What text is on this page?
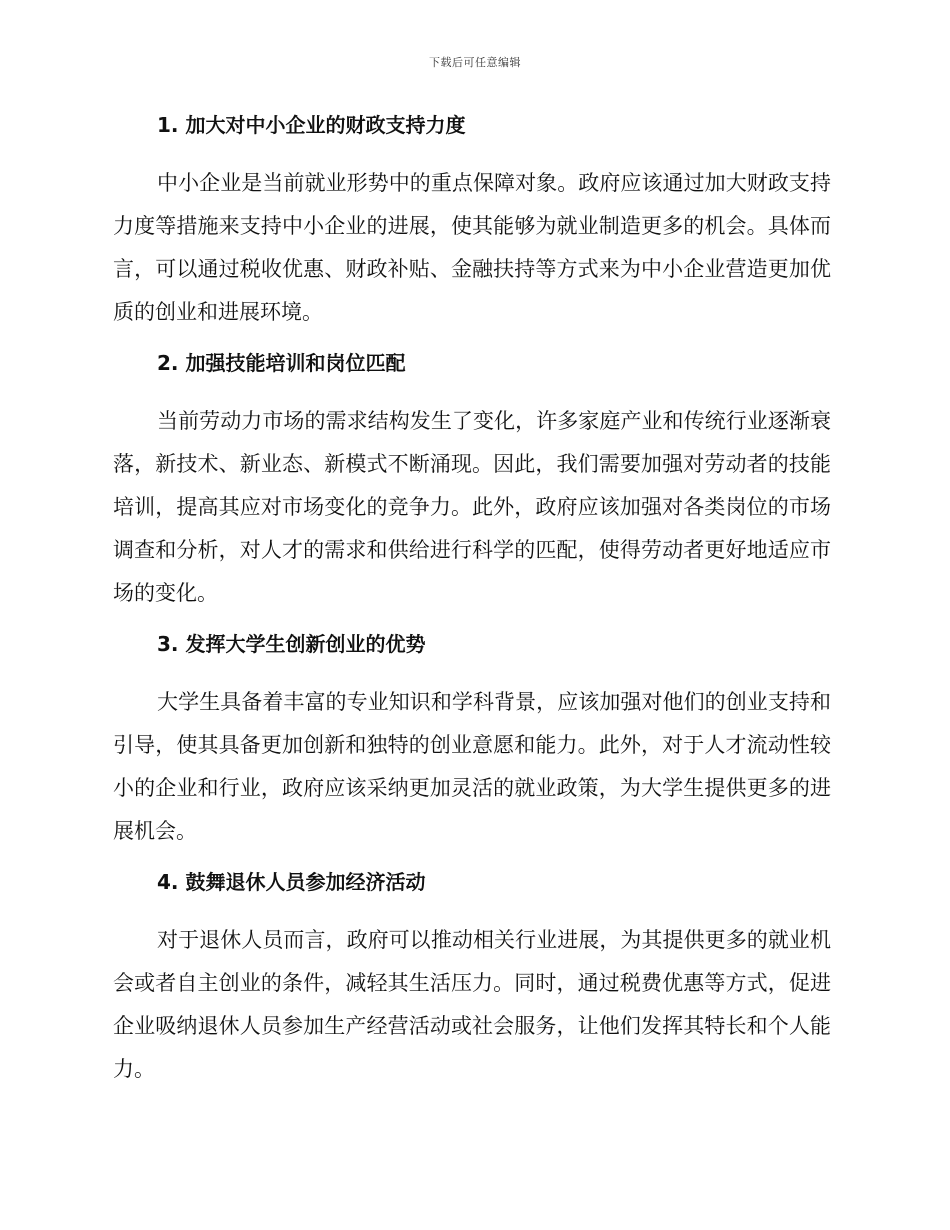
下载后可任意编辑
1. 加大对中小企业的财政支持力度

中小企业是当前就业形势中的重点保障对象。政府应该通过加大财政支持力度等措施来支持中小企业的进展，使其能够为就业制造更多的机会。具体而言，可以通过税收优惠、财政补贴、金融扶持等方式来为中小企业营造更加优质的创业和进展环境。

2. 加强技能培训和岗位匹配

当前劳动力市场的需求结构发生了变化，许多家庭产业和传统行业逐渐衰落，新技术、新业态、新模式不断涌现。因此，我们需要加强对劳动者的技能培训，提高其应对市场变化的竞争力。此外，政府应该加强对各类岗位的市场调查和分析，对人才的需求和供给进行科学的匹配，使得劳动者更好地适应市场的变化。

3. 发挥大学生创新创业的优势

大学生具备着丰富的专业知识和学科背景，应该加强对他们的创业支持和引导，使其具备更加创新和独特的创业意愿和能力。此外，对于人才流动性较小的企业和行业，政府应该采纳更加灵活的就业政策，为大学生提供更多的进展机会。

4. 鼓舞退休人员参加经济活动

对于退休人员而言，政府可以推动相关行业进展，为其提供更多的就业机会或者自主创业的条件，减轻其生活压力。同时，通过税费优惠等方式，促进企业吸纳退休人员参加生产经营活动或社会服务，让他们发挥其特长和个人能力。
